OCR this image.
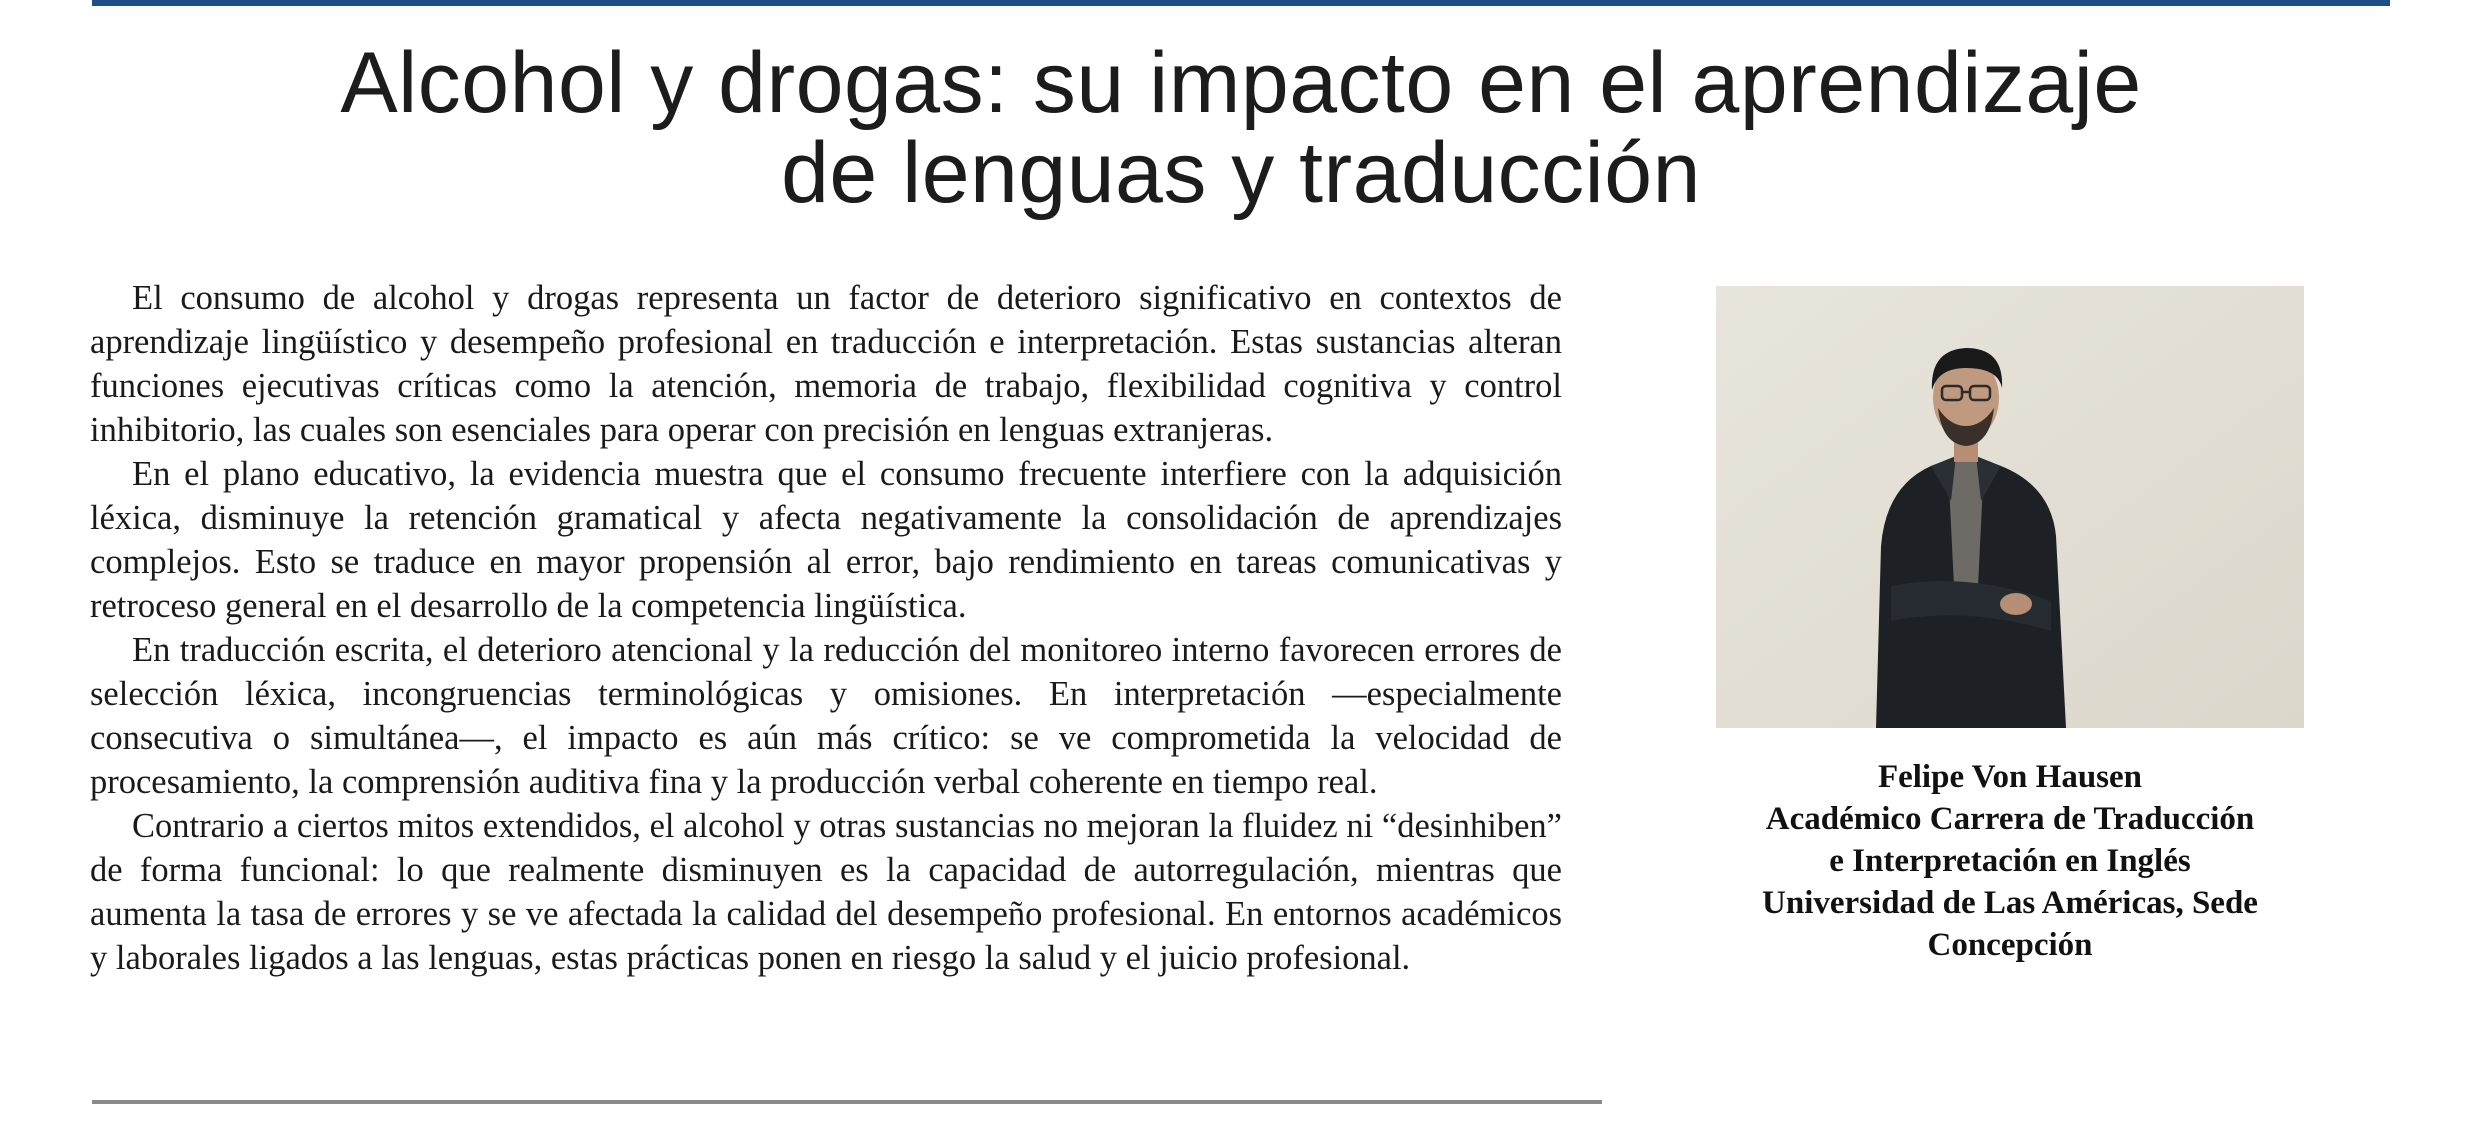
Alcohol y drogas: su impacto en el aprendizaje
de lenguas y traducción

El consumo de alcohol y drogas representa un factor de deterioro significativo en contextos de aprendizaje lingüístico y desempeño profesional en traducción e interpretación. Estas sustancias alteran funciones ejecutivas críticas como la atención, memoria de trabajo, flexibilidad cognitiva y control inhibitorio, las cuales son esenciales para operar con precisión en lenguas extranjeras.

En el plano educativo, la evidencia muestra que el consumo frecuente interfiere con la adquisición léxica, disminuye la retención gramatical y afecta negativamente la consolidación de aprendizajes complejos. Esto se traduce en mayor propensión al error, bajo rendimiento en tareas comunicativas y retroceso general en el desarrollo de la competencia lingüística.

En traducción escrita, el deterioro atencional y la reducción del monitoreo interno favorecen errores de selección léxica, incongruencias terminológicas y omisiones. En interpretación —especialmente consecutiva o simultánea—, el impacto es aún más crítico: se ve comprometida la velocidad de procesamiento, la comprensión auditiva fina y la producción verbal coherente en tiempo real.

Contrario a ciertos mitos extendidos, el alcohol y otras sustancias no mejoran la fluidez ni “desinhiben” de forma funcional: lo que realmente disminuyen es la capacidad de autorregulación, mientras que aumenta la tasa de errores y se ve afectada la calidad del desempeño profesional. En entornos académicos y laborales ligados a las lenguas, estas prácticas ponen en riesgo la salud y el juicio profesional.

Felipe Von Hausen
Académico Carrera de Traducción
e Interpretación en Inglés
Universidad de Las Américas, Sede
Concepción
